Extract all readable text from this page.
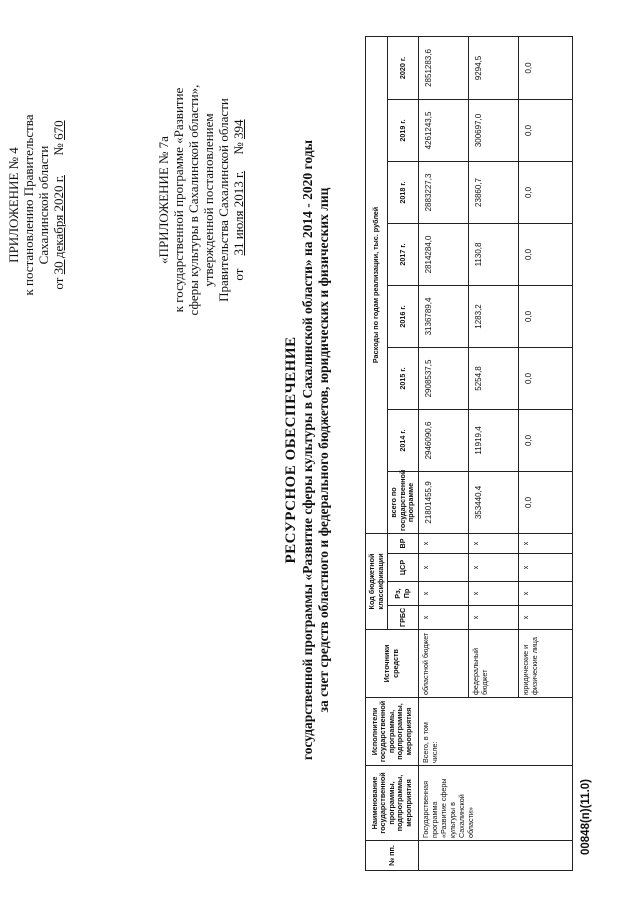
ПРИЛОЖЕНИЕ № 4 к постановлению Правительства Сахалинской области
от 30 декабря 2020 г.      № 670
«ПРИЛОЖЕНИЕ № 7а к государственной программе «Развитие сферы культуры в Сахалинской области», утвержденной постановлением Правительства Сахалинской области от    31 июля 2013 г.     № 394
РЕСУРСНОЕ ОБЕСПЕЧЕНИЕ государственной программы «Развитие сферы культуры в Сахалинской области» на 2014 - 2020 годы за счет средств областного и федерального бюджетов, юридических и физических лиц
№ пп.	Наименование государственной программы, подпрограммы, мероприятия	Исполнители государственной программы, подпрограммы, мероприятия	Источники средств	Код бюджетной классификации				Расходы по годам реализации, тыс. рублей							
				ГРБС	Рз, Пр	ЦСР	ВР	всего по государственной программе	2014 г.	2015 г.	2016 г.	2017 г.	2018 г.	2019 г.	2020 г.
	Государственная программа «Развитие сферы культуры в Сахалинской области»	Всего, в том числе:	областной бюджет	x	x	x	x	21801455,9	2946090,6	2908537,5	3136789,4	2814284,0	2883227,3	4261243,5	2851283,6
			федеральный бюджет	x	x	x	x	353440,4	11919,4	5254,8	1283,2	1130,8	23860,7	300697,0	9294,5
			юридические и физические лица	x	x	x	x	0,0	0,0	0,0	0,0	0,0	0,0	0,0	0,0
00848(п)(11.0)
